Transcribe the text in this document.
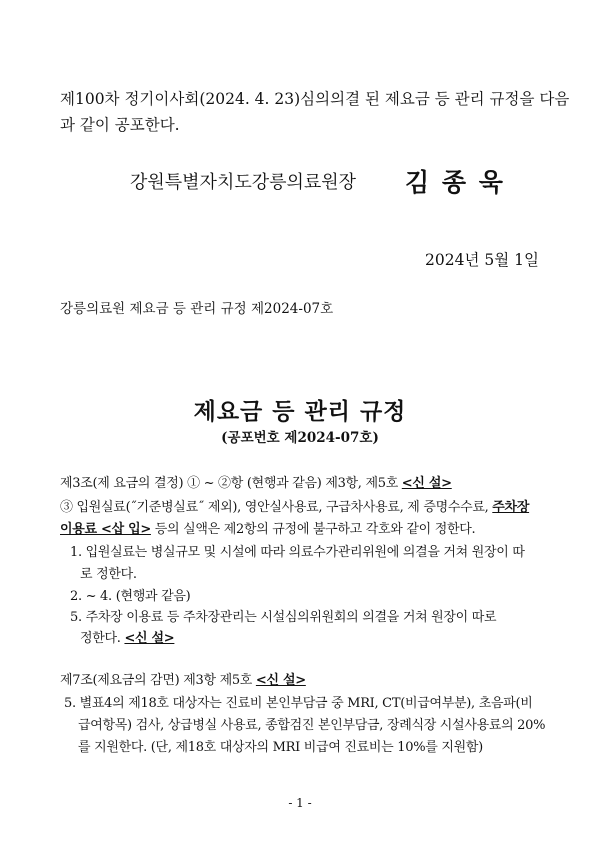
제100차 정기이사회(2024. 4. 23)심의의결 된 제요금 등 관리 규정을 다음
과 같이 공포한다.
강원특별자치도강릉의료원장 김 종 욱
2024년 5월 1일
강릉의료원 제요금 등 관리 규정 제2024-07호
제요금 등 관리 규정
(공포번호 제2024-07호)
제3조(제 요금의 결정) ① ~ ②항 (현행과 같음) 제3항, 제5호 <신 설>
③ 입원실료(˝기준병실료˝ 제외), 영안실사용료, 구급차사용료, 제 증명수수료, 주차장
이용료 <삽 입> 등의 실액은 제2항의 규정에 불구하고 각호와 같이 정한다.
1. 입원실료는 병실규모 및 시설에 따라 의료수가관리위원에 의결을 거쳐 원장이 따
로 정한다.
2. ~ 4. (현행과 같음)
5. 주차장 이용료 등 주차장관리는 시설심의위원회의 의결을 거쳐 원장이 따로
정한다. <신 설>
제7조(제요금의 감면) 제3항 제5호 <신 설>
5. 별표4의 제18호 대상자는 진료비 본인부담금 중 MRI, CT(비급여부분), 초음파(비
급여항목) 검사, 상급병실 사용료, 종합검진 본인부담금, 장례식장 시설사용료의 20%
를 지원한다. (단, 제18호 대상자의 MRI 비급여 진료비는 10%를 지원함)
- 1 -
